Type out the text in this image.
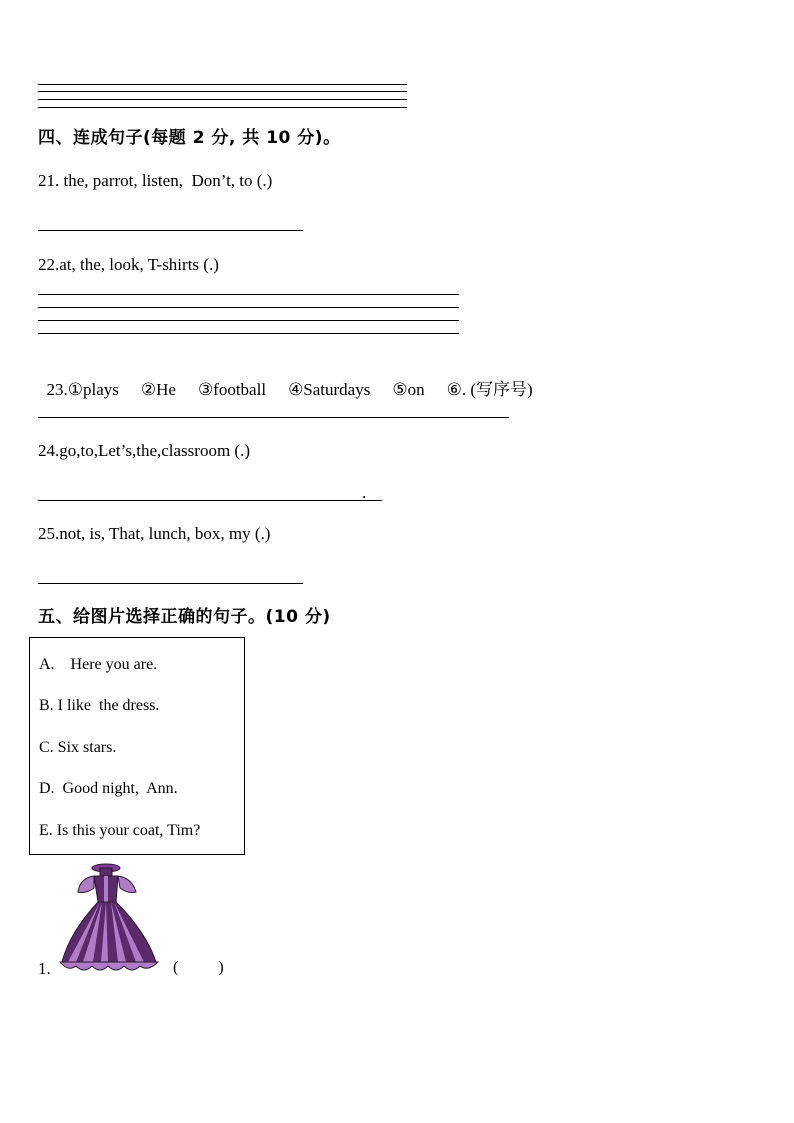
四、连成句子(每题 2 分, 共 10 分)。
21. the, parrot, listen,  Don’t, to (.)
22.at, the, look, T-shirts (.)

23.①plays ②He ③football ④Saturdays ⑤on ⑥. (写序号)

24.go,to,Let’s,the,classroom (.)
.
25.not, is, That, lunch, box, my (.)
五、给图片选择正确的句子。(10 分)
A.    Here you are.
B. I like  the dress.
C. Six stars.
D.  Good night,  Ann.
E. Is this your coat, Tim?
1.	(          )
